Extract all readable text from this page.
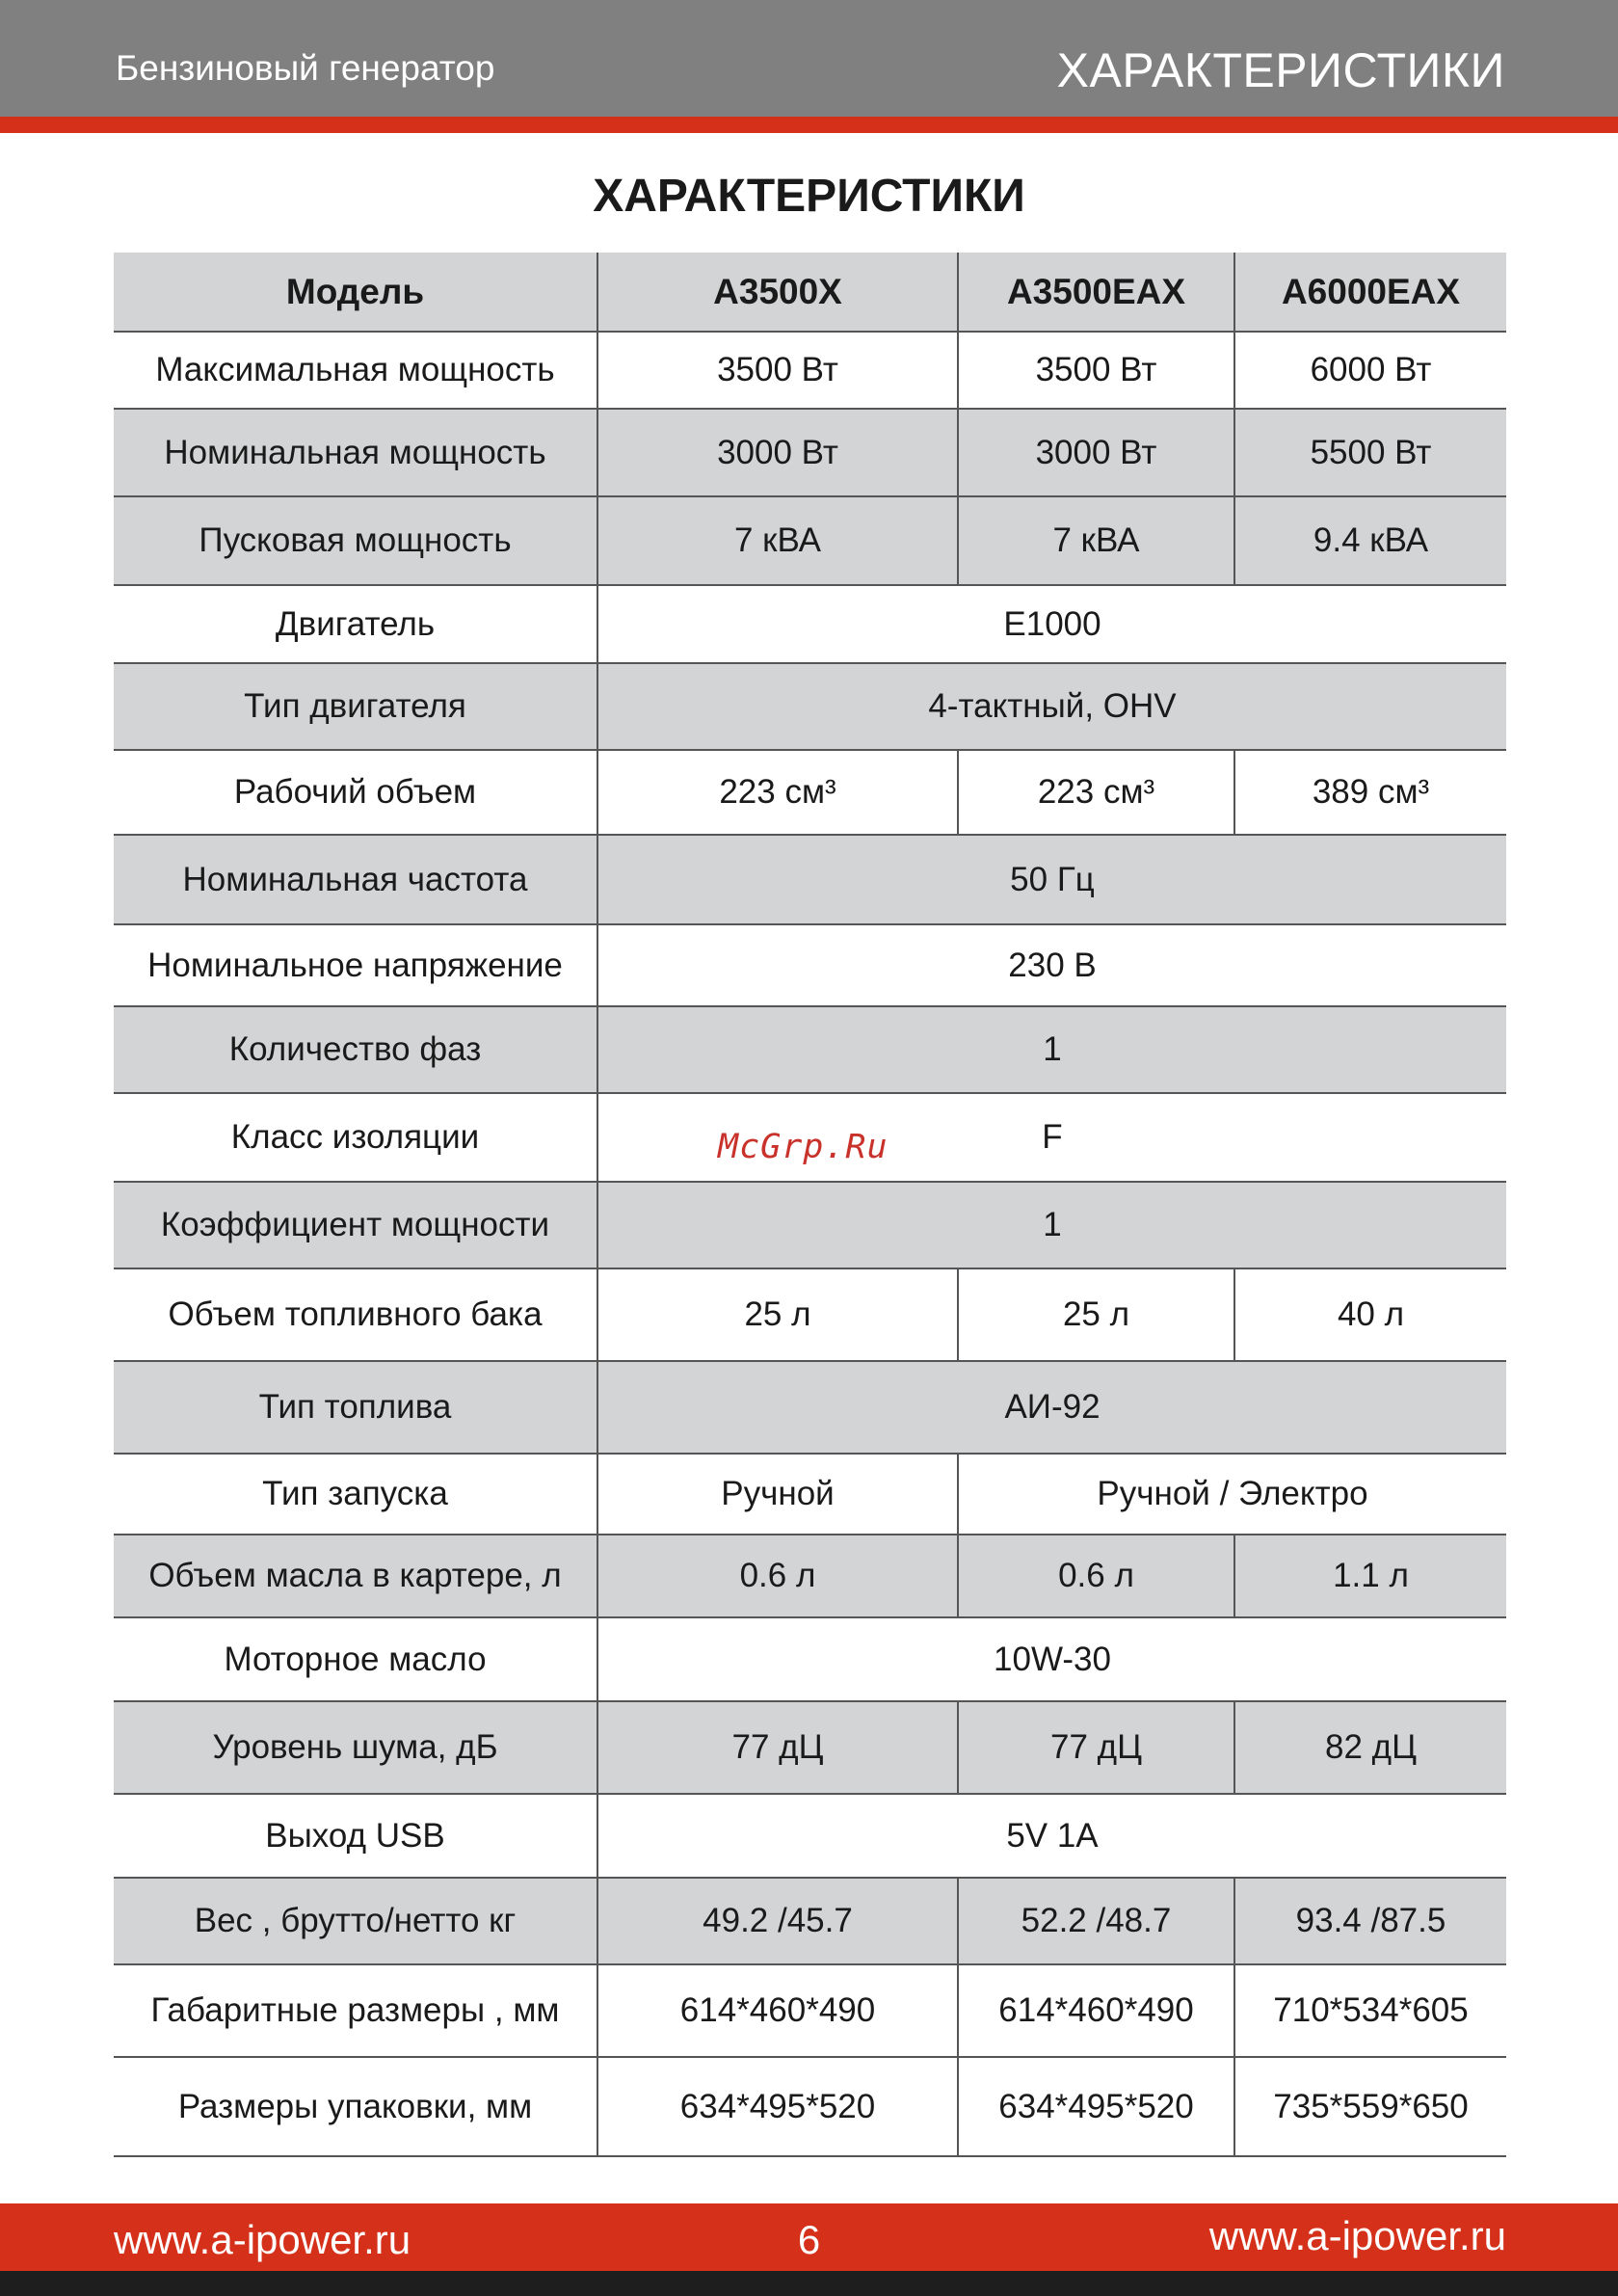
Бензиновый генератор	ХАРАКТЕРИСТИКИ
ХАРАКТЕРИСТИКИ
Модель	A3500X	A3500EAX	A6000EAX
Максимальная мощность	3500 Вт	3500 Вт	6000 Вт
Номинальная мощность	3000 Вт	3000 Вт	5500 Вт
Пусковая мощность	7 кВА	7 кВА	9.4 кВА
Двигатель	E1000		
Тип двигателя	4-тактный, OHV		
Рабочий объем	223 см³	223 см³	389 см³
Номинальная частота	50 Гц		
Номинальное напряжение	230 В		
Количество фаз	1		
Класс изоляции	F		
Коэффициент мощности	1		
Объем топливного бака	25 л	25 л	40 л
Тип топлива	АИ-92		
Тип запуска	Ручной	Ручной / Электро	
Объем масла в картере, л	0.6 л	0.6 л	1.1 л
Моторное масло	10W-30		
Уровень шума, дБ	77 дЦ	77 дЦ	82 дЦ
Выход USB	5V 1A		
Вес , брутто/нетто кг	49.2 /45.7	52.2 /48.7	93.4 /87.5
Габаритные размеры , мм	614*460*490	614*460*490	710*534*605
Размеры упаковки, мм	634*495*520	634*495*520	735*559*650
McGrp.Ru
www.a-ipower.ru	6	www.a-ipower.ru
